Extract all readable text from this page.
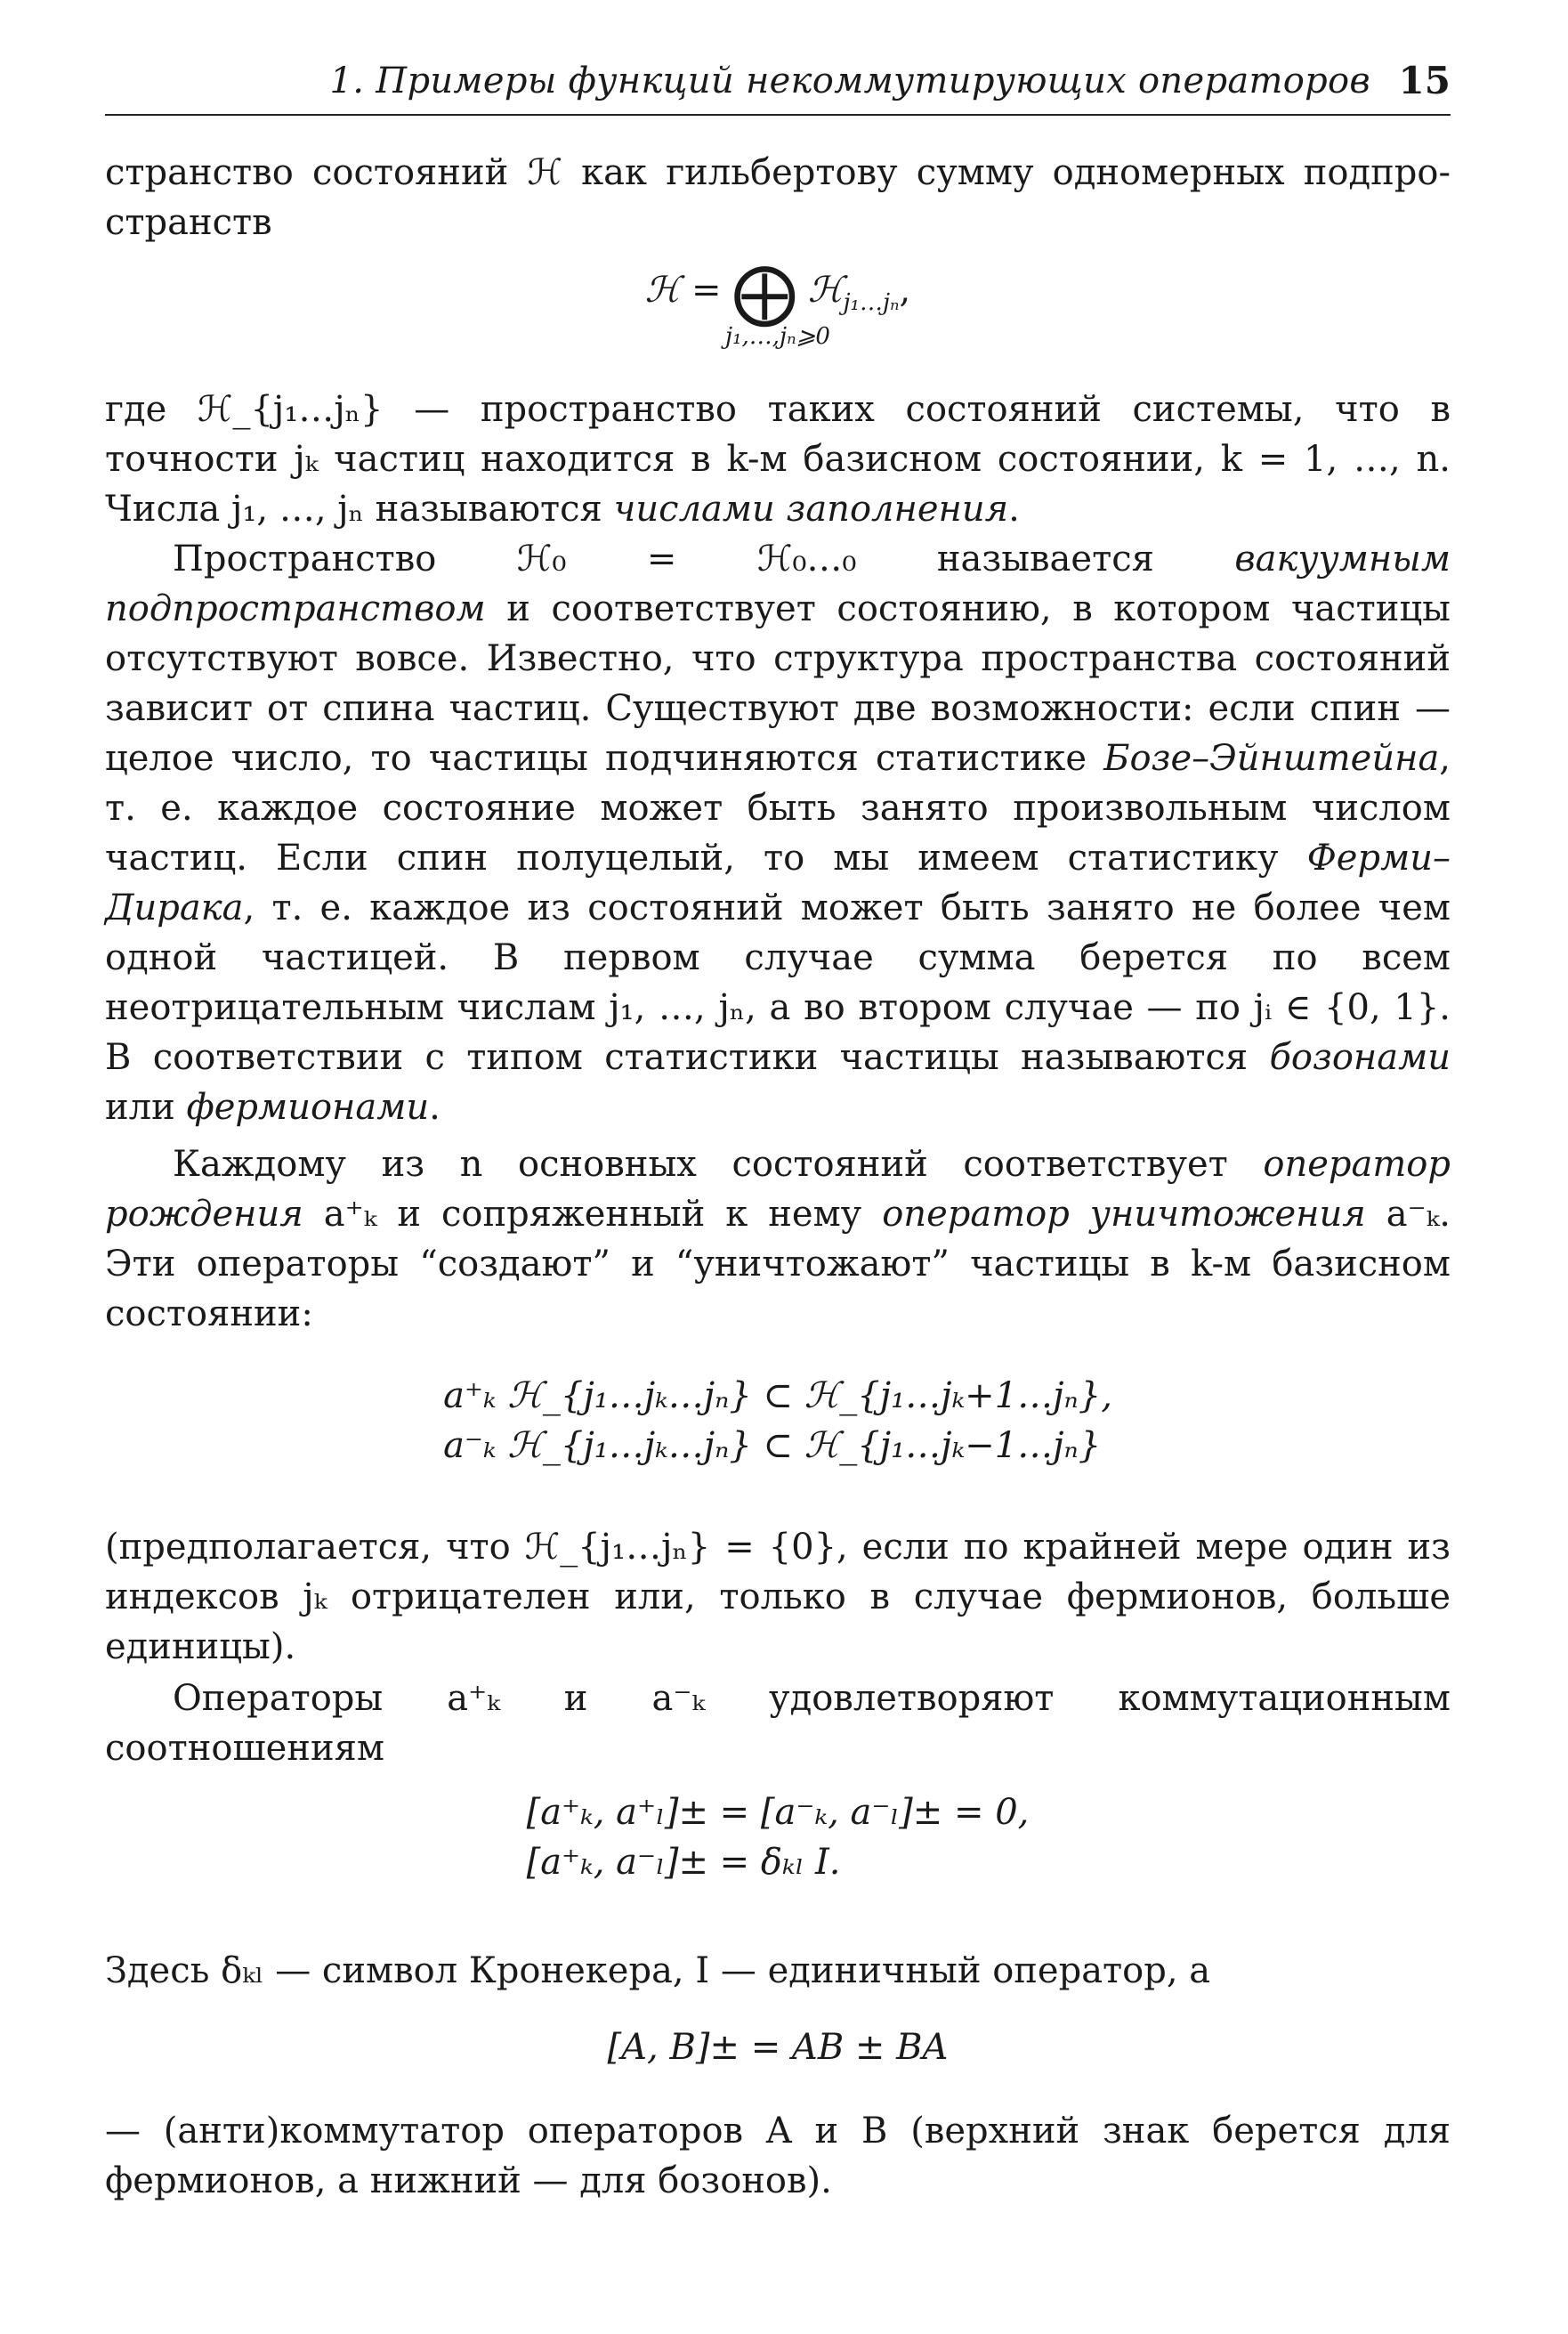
1. Примеры функций некоммутирующих операторов 15

странство состояний ℋ как гильбертову сумму одномерных подпро-

странств

ℋ = ⨁ ℋ$_{j_1\dots j_n}$,
j₁,…,jₙ⩾0

где ℋ_{j₁…jₙ} — пространство таких состояний системы, что в точности jₖ частиц находится в k-м базисном состоянии, k = 1, …, n. Числа j₁, …, jₙ называются числами заполнения.

Пространство ℋ₀ = ℋ₀…₀ называется вакуумным подпространством и соответствует состоянию, в котором частицы отсутствуют вовсе. Известно, что структура пространства состояний зависит от спина частиц. Существуют две возможности: если спин — целое число, то частицы подчиняются статистике Бозе–Эйнштейна, т. е. каждое состояние может быть занято произвольным числом частиц. Если спин полуцелый, то мы имеем статистику Ферми–Дирака, т. е. каждое из состояний может быть занято не более чем одной частицей. В первом случае сумма берется по всем неотрицательным числам j₁, …, jₙ, а во втором случае — по jᵢ ∈ {0, 1}. В соответствии с типом статистики частицы называются бозонами или фермионами.

Каждому из n основных состояний соответствует оператор рождения a⁺ₖ и сопряженный к нему оператор уничтожения a⁻ₖ. Эти операторы “создают” и “уничтожают” частицы в k-м базисном состоянии:

a⁺ₖ ℋ_{j₁…jₖ…jₙ} ⊂ ℋ_{j₁…jₖ+1…jₙ},
a⁻ₖ ℋ_{j₁…jₖ…jₙ} ⊂ ℋ_{j₁…jₖ−1…jₙ}

(предполагается, что ℋ_{j₁…jₙ} = {0}, если по крайней мере один из индексов jₖ отрицателен или, только в случае фермионов, больше единицы).

Операторы a⁺ₖ и a⁻ₖ удовлетворяют коммутационным соотношениям

[a⁺ₖ, a⁺ₗ]± = [a⁻ₖ, a⁻ₗ]± = 0,
[a⁺ₖ, a⁻ₗ]± = δₖₗ I.

Здесь δₖₗ — символ Кронекера, I — единичный оператор, а

[A, B]± = AB ± BA

— (анти)коммутатор операторов A и B (верхний знак берется для фермионов, а нижний — для бозонов).
